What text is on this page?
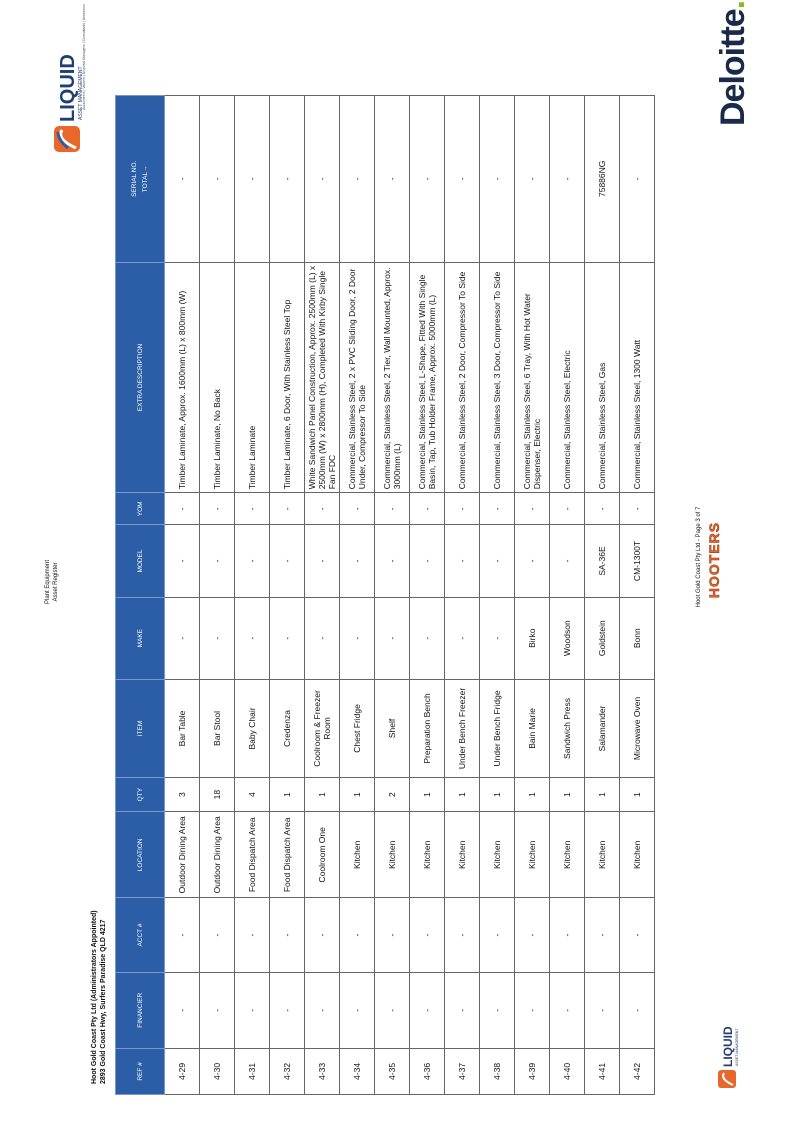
Hoot Gold Coast Pty Ltd (Administrators Appointed) 2893 Gold Coast Hwy, Surfers Paradise QLD 4217
Plant Equipment Asset Register
LIQUID ASSET MANAGEMENT
Auctioneers | Valuers | Disposal Managers | Consultants | Assessors
REF #	FINANCIER	ACCT #	LOCATION	QTY	ITEM	MAKE	MODEL	YOM	EXTRA DESCRIPTION	SERIAL NO. TOTAL→

4-29	-	-	Outdoor Dining Area	3	Bar Table	-	-	-	Timber Laminate, Approx. 1600mm (L) x 800mm (W)	-
4-30	-	-	Outdoor Dining Area	18	Bar Stool	-	-	-	Timber Laminate, No Back	-
4-31	-	-	Food Dispatch Area	4	Baby Chair	-	-	-	Timber Laminate	-
4-32	-	-	Food Dispatch Area	1	Credenza	-	-	-	Timber Laminate, 6 Door, With Stainless Steel Top	-
4-33	-	-	Coolroom One	1	Coolroom & Freezer Room	-	-	-	White Sandwich Panel Construction, Approx. 2500mm (L) x 2500mm (W) x 2800mm (H), Completed With Kirby Single Fan FDC	-
4-34	-	-	Kitchen	1	Chest Fridge	-	-	-	Commercial, Stainless Steel, 2 x PVC Sliding Door, 2 Door Under, Compressor To Side	-
4-35	-	-	Kitchen	2	Shelf	-	-	-	Commercial, Stainless Steel, 2 Tier, Wall Mounted, Approx. 3000mm (L)	-
4-36	-	-	Kitchen	1	Preparation Bench	-	-	-	Commercial, Stainless Steel, L-Shape, Fitted With Single Basin, Tap, Tub Holder Frame, Approx. 5000mm (L)	-
4-37	-	-	Kitchen	1	Under Bench Freezer	-	-	-	Commercial, Stainless Steel, 2 Door, Compressor To Side	-
4-38	-	-	Kitchen	1	Under Bench Fridge	-	-	-	Commercial, Stainless Steel, 3 Door, Compressor To Side	-
4-39	-	-	Kitchen	1	Bain Marie	Birko	-	-	Commercial, Stainless Steel, 6 Tray, With Hot Water Dispenser, Electric	-
4-40	-	-	Kitchen	1	Sandwich Press	Woodson	-	-	Commercial, Stainless Steel, Electric	-
4-41	-	-	Kitchen	1	Salamander	Goldstein	SA-36E	-	Commercial, Stainless Steel, Gas	75886NG
4-42	-	-	Kitchen	1	Microwave Oven	Bonn	CM-1300T	-	Commercial, Stainless Steel, 1300 Watt	-
LIQUID ASSET MANAGEMENT
Hoot Gold Coast Pty Ltd - Page 3 of 7 HOOTERS
Deloitte.
